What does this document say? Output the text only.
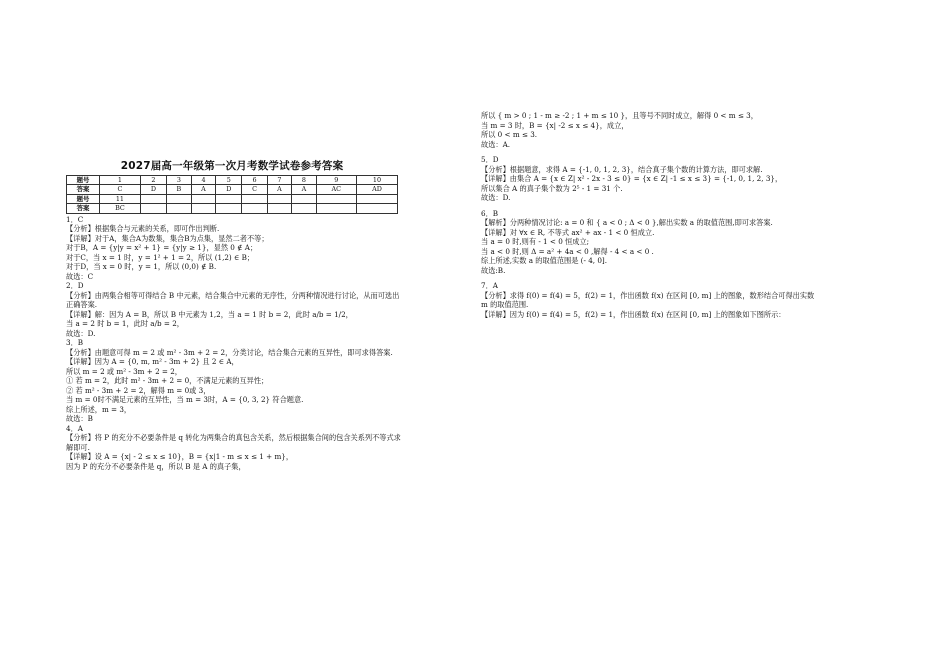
2027届高一年级第一次月考数学试卷参考答案
题号	1	2	3	4	5	6	7	8	9	10
答案	C	D	B	A	D	C	A	A	AC	AD
题号	11									
答案	BC									
1．C
【分析】根据集合与元素的关系，即可作出判断.
【详解】对于A，集合A为数集，集合B为点集，显然二者不等；
对于B，A = {y|y = x² + 1} = {y|y ≥ 1}，显然 0 ∉ A；
对于C，当 x = 1 时，y = 1² + 1 = 2，所以 (1,2) ∈ B；
对于D，当 x = 0 时，y = 1，所以 (0,0) ∉ B.
故选：C
2．D
【分析】由两集合相等可得结合 B 中元素，结合集合中元素的无序性，分两种情况进行讨论，从而可选出正确答案.
【详解】解：因为 A = B，所以 B 中元素为 1,2，当 a = 1 时 b = 2，此时 a/b = 1/2，
当 a = 2 时 b = 1，此时 a/b = 2，
故选：D.
3．B
【分析】由题意可得 m = 2 或 m² - 3m + 2 = 2，分类讨论，结合集合元素的互异性，即可求得答案.
【详解】因为 A = {0, m, m² - 3m + 2} 且 2 ∈ A，
所以 m = 2 或 m² - 3m + 2 = 2，
① 若 m = 2，此时 m² - 3m + 2 = 0，不满足元素的互异性；
② 若 m² - 3m + 2 = 2，解得 m = 0或 3，
当 m = 0时不满足元素的互异性，当 m = 3时，A = {0, 3, 2} 符合题意.
综上所述，m = 3，
故选：B
4．A
【分析】将 P 的充分不必要条件是 q 转化为两集合的真包含关系，然后根据集合间的包含关系列不等式求解即可.
【详解】设 A = {x| - 2 ≤ x ≤ 10}，B = {x|1 - m ≤ x ≤ 1 + m}，
因为 P 的充分不必要条件是 q，所以 B 是 A 的真子集，
所以 { m > 0 ; 1 - m ≥ -2 ; 1 + m ≤ 10 }，且等号不同时成立，解得 0 < m ≤ 3，
当 m = 3 时，B = {x| -2 ≤ x ≤ 4}，成立，
所以 0 < m ≤ 3.
故选：A.
5．D
【分析】根据题意，求得 A = {-1, 0, 1, 2, 3}，结合真子集个数的计算方法，即可求解.
【详解】由集合 A = {x ∈ Z| x² - 2x - 3 ≤ 0} = {x ∈ Z| -1 ≤ x ≤ 3} = {-1, 0, 1, 2, 3}，
所以集合 A 的真子集个数为 2⁵ - 1 = 31 个.
故选：D.
6．B
【解析】分两种情况讨论: a = 0 和 { a < 0 ; Δ < 0 },解出实数 a 的取值范围,即可求答案.
【详解】对 ∀x ∈ R, 不等式 ax² + ax - 1 < 0 恒成立.
当 a = 0 时,则有 - 1 < 0 恒成立;
当 a < 0 时,则 Δ = a² + 4a < 0 ,解得 - 4 < a < 0 .
综上所述,实数 a 的取值范围是 (- 4, 0].
故选:B.
7．A
【分析】求得 f(0) = f(4) = 5，f(2) = 1，作出函数 f(x) 在区间 [0, m] 上的图象，数形结合可得出实数 m 的取值范围.
【详解】因为 f(0) = f(4) = 5，f(2) = 1，作出函数 f(x) 在区间 [0, m] 上的图象如下图所示：
